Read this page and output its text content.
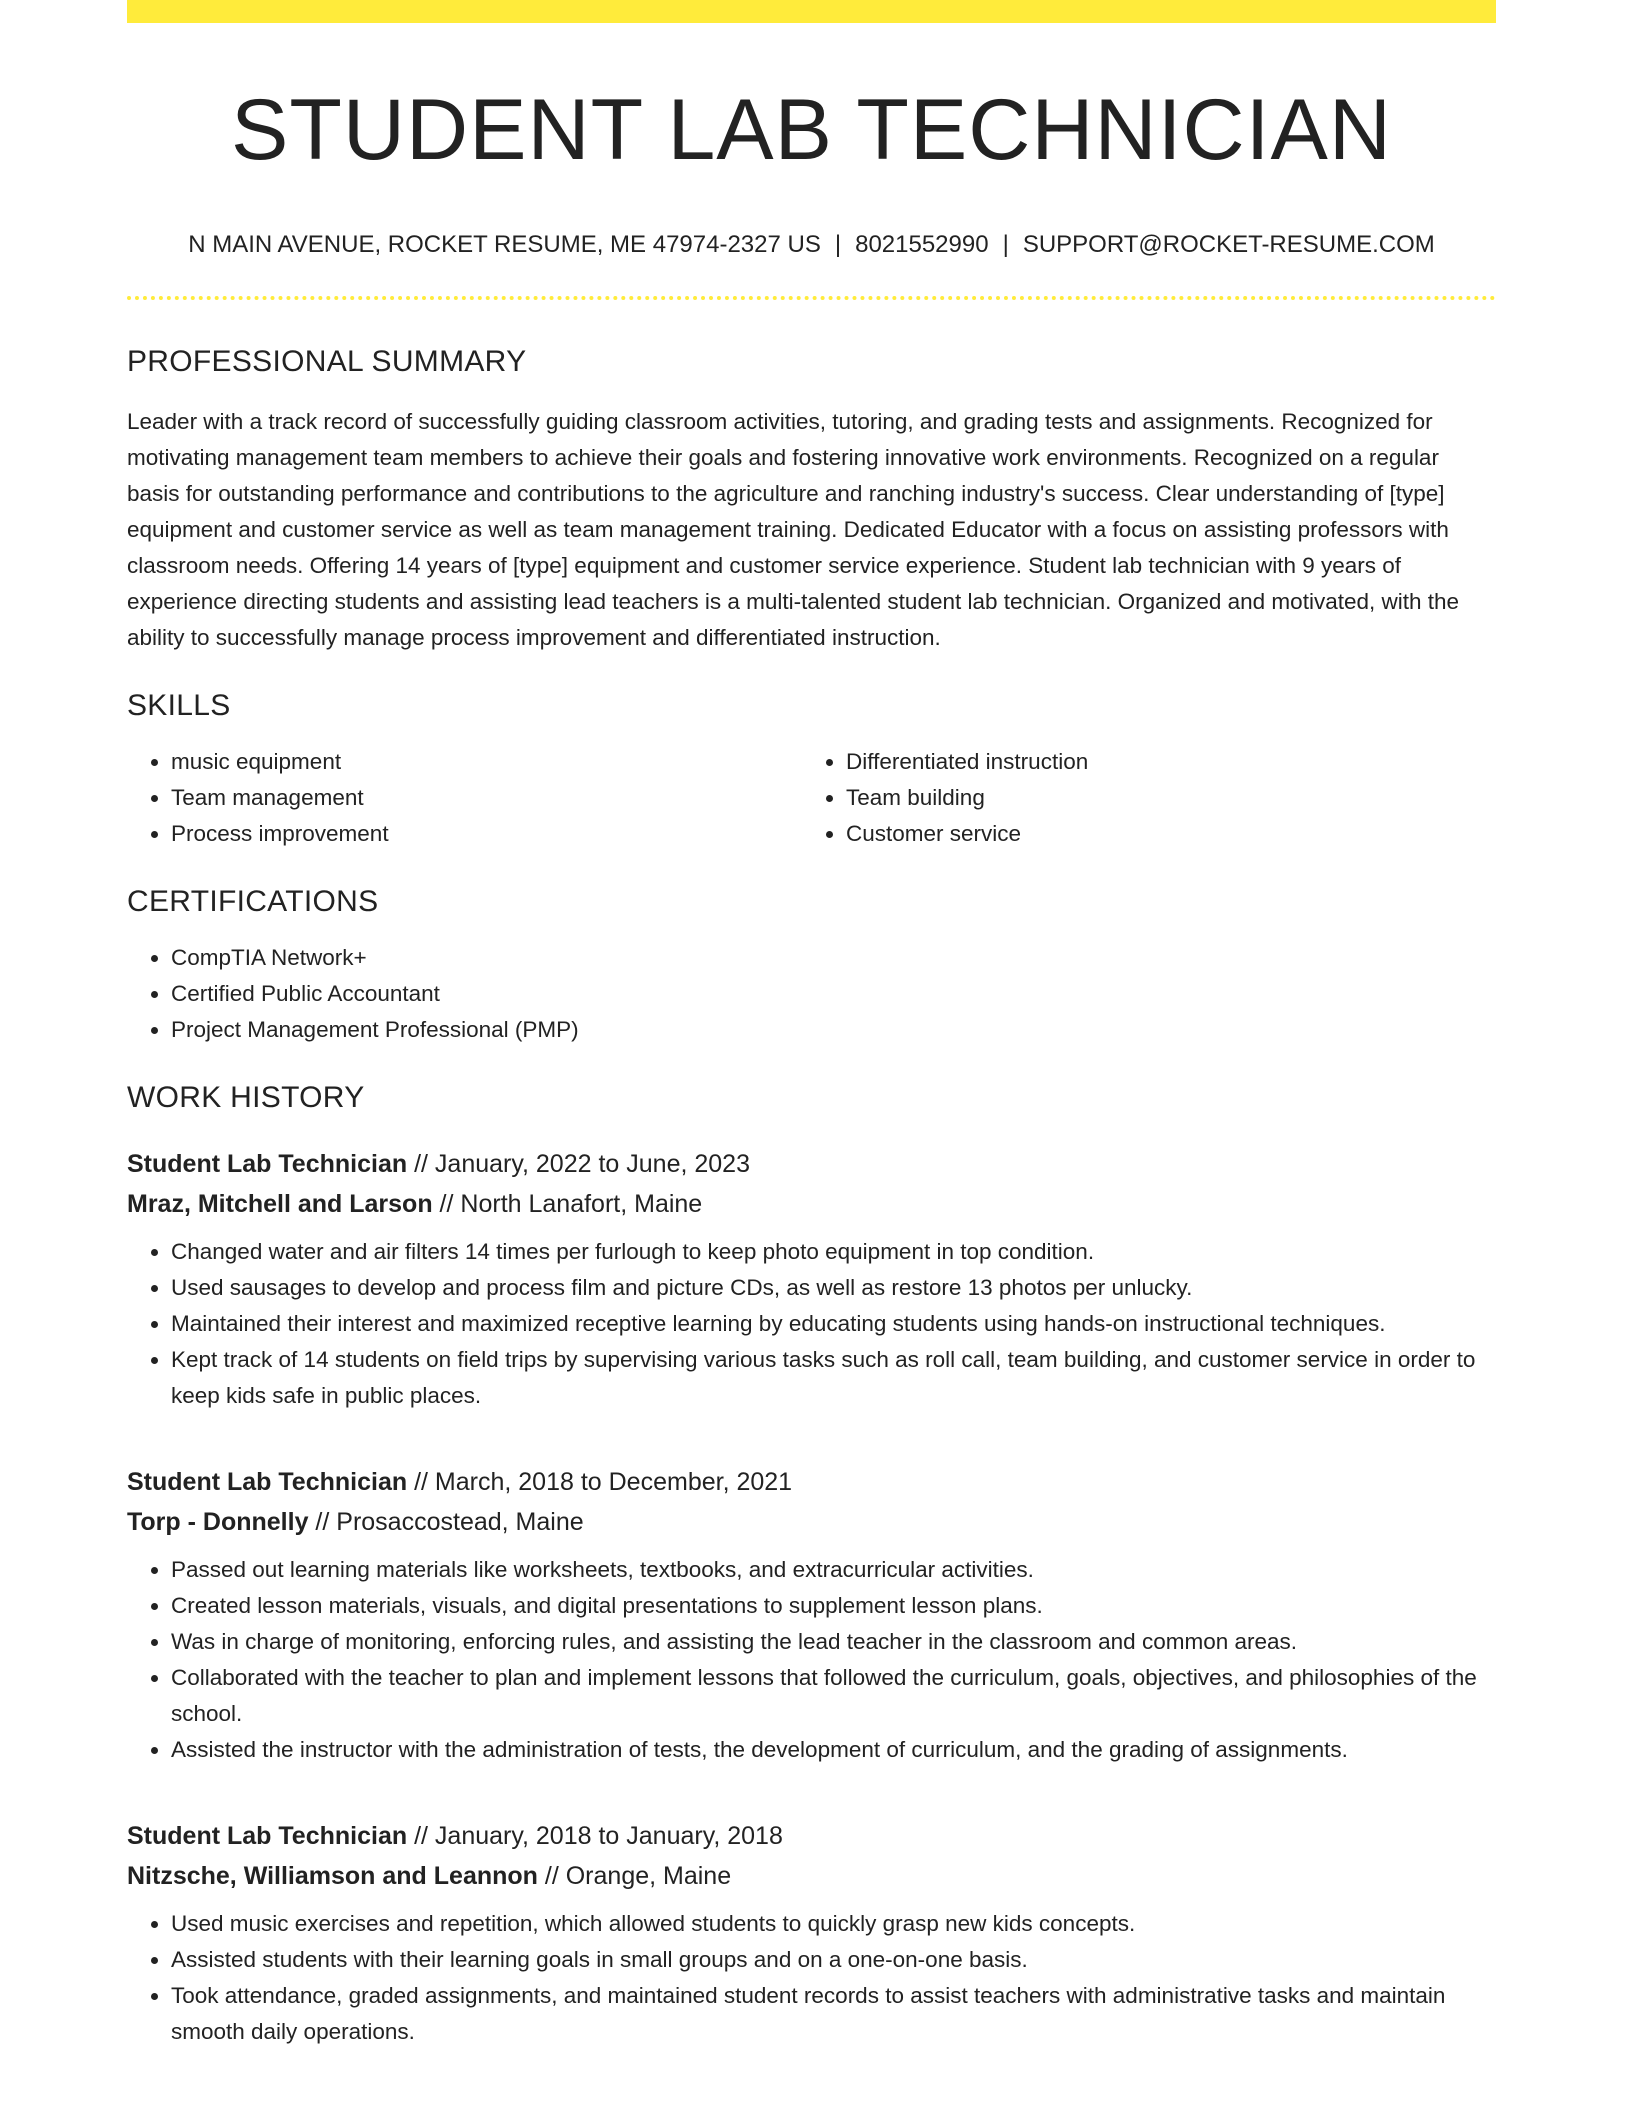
STUDENT LAB TECHNICIAN
N MAIN AVENUE, ROCKET RESUME, ME 47974-2327 US | 8021552990 | SUPPORT@ROCKET-RESUME.COM
PROFESSIONAL SUMMARY
Leader with a track record of successfully guiding classroom activities, tutoring, and grading tests and assignments. Recognized for motivating management team members to achieve their goals and fostering innovative work environments. Recognized on a regular basis for outstanding performance and contributions to the agriculture and ranching industry's success. Clear understanding of [type] equipment and customer service as well as team management training. Dedicated Educator with a focus on assisting professors with classroom needs. Offering 14 years of [type] equipment and customer service experience. Student lab technician with 9 years of experience directing students and assisting lead teachers is a multi-talented student lab technician. Organized and motivated, with the ability to successfully manage process improvement and differentiated instruction.
SKILLS
• music equipment
• Team management
• Process improvement
• Differentiated instruction
• Team building
• Customer service
CERTIFICATIONS
• CompTIA Network+
• Certified Public Accountant
• Project Management Professional (PMP)
WORK HISTORY
Student Lab Technician // January, 2022 to June, 2023
Mraz, Mitchell and Larson // North Lanafort, Maine
• Changed water and air filters 14 times per furlough to keep photo equipment in top condition.
• Used sausages to develop and process film and picture CDs, as well as restore 13 photos per unlucky.
• Maintained their interest and maximized receptive learning by educating students using hands-on instructional techniques.
• Kept track of 14 students on field trips by supervising various tasks such as roll call, team building, and customer service in order to keep kids safe in public places.
Student Lab Technician // March, 2018 to December, 2021
Torp - Donnelly // Prosaccostead, Maine
• Passed out learning materials like worksheets, textbooks, and extracurricular activities.
• Created lesson materials, visuals, and digital presentations to supplement lesson plans.
• Was in charge of monitoring, enforcing rules, and assisting the lead teacher in the classroom and common areas.
• Collaborated with the teacher to plan and implement lessons that followed the curriculum, goals, objectives, and philosophies of the school.
• Assisted the instructor with the administration of tests, the development of curriculum, and the grading of assignments.
Student Lab Technician // January, 2018 to January, 2018
Nitzsche, Williamson and Leannon // Orange, Maine
• Used music exercises and repetition, which allowed students to quickly grasp new kids concepts.
• Assisted students with their learning goals in small groups and on a one-on-one basis.
• Took attendance, graded assignments, and maintained student records to assist teachers with administrative tasks and maintain smooth daily operations.
